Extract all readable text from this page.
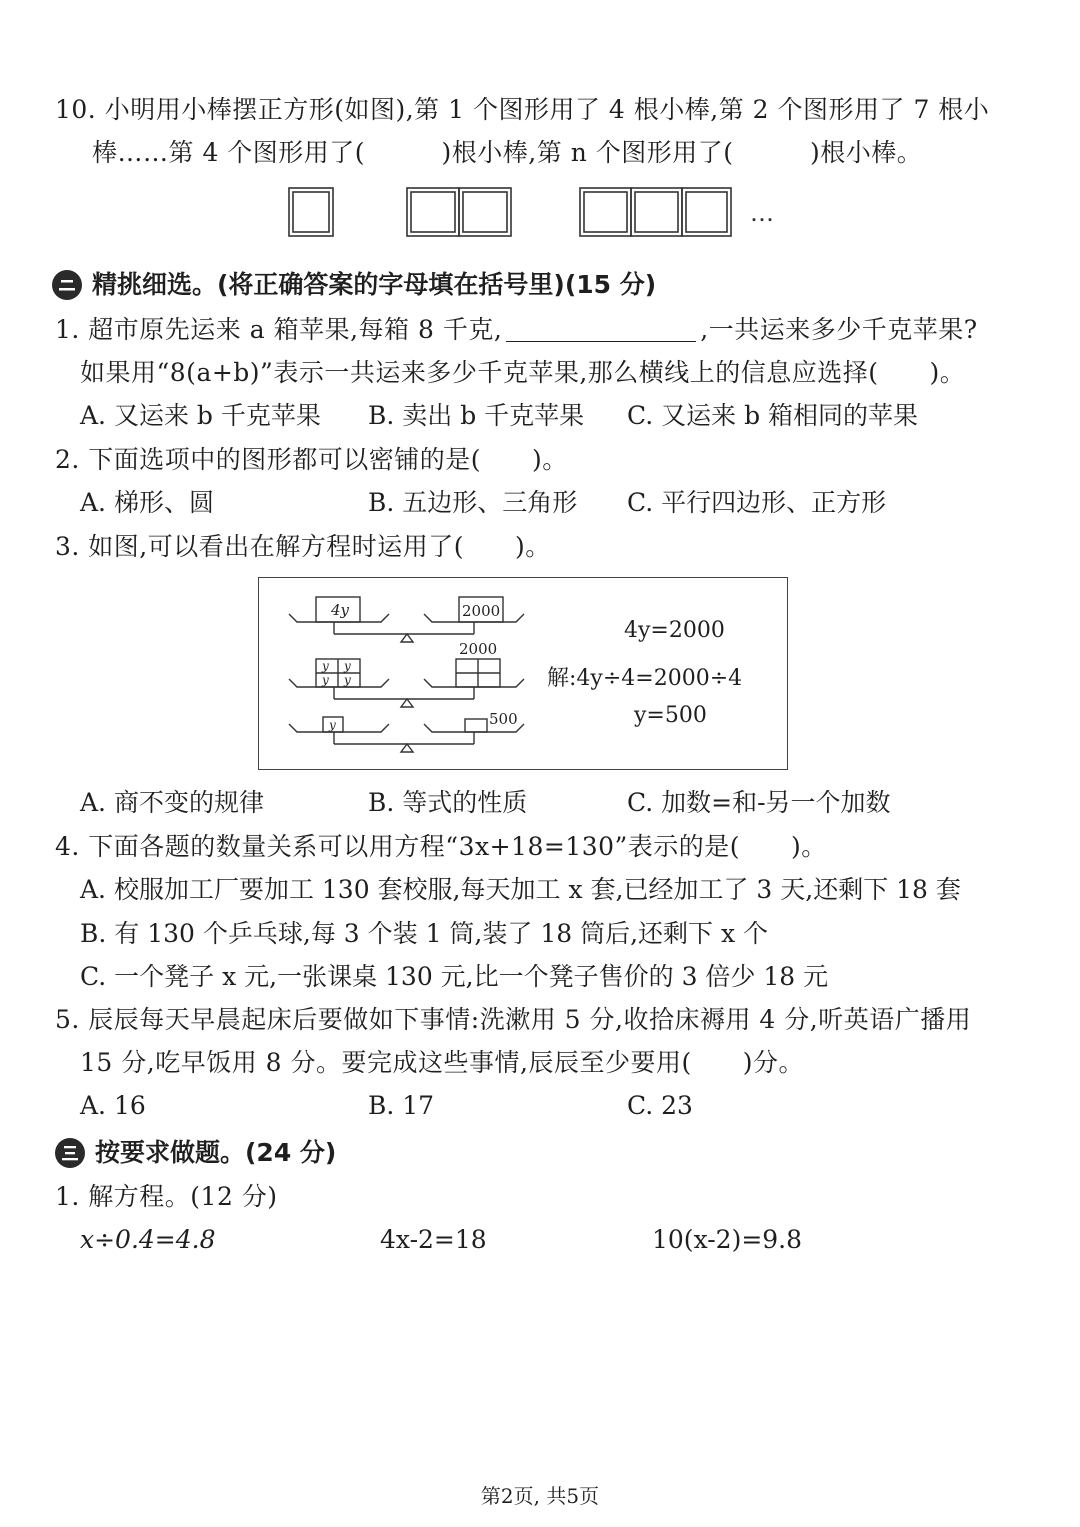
10. 小明用小棒摆正方形(如图),第 1 个图形用了 4 根小棒,第 2 个图形用了 7 根小
棒……第 4 个图形用了(　　　)根小棒,第 n 个图形用了(　　　)根小棒。
…
精挑细选。(将正确答案的字母填在括号里)(15 分)
1. 超市原先运来 a 箱苹果,每箱 8 千克,	,一共运来多少千克苹果?
如果用“8(a+b)”表示一共运来多少千克苹果,那么横线上的信息应选择(　　)。
A. 又运来 b 千克苹果 B. 卖出 b 千克苹果 C. 又运来 b 箱相同的苹果
2. 下面选项中的图形都可以密铺的是(　　)。
A. 梯形、圆	B. 五边形、三角形 C. 平行四边形、正方形
3. 如图,可以看出在解方程时运用了(　　)。
4y	2000
2000
y y
y y
y	500
4y=2000
解:4y÷4=2000÷4
y=500
A. 商不变的规律	B. 等式的性质	C. 加数=和-另一个加数
4. 下面各题的数量关系可以用方程“3x+18=130”表示的是(　　)。
A. 校服加工厂要加工 130 套校服,每天加工 x 套,已经加工了 3 天,还剩下 18 套
B. 有 130 个乒乓球,每 3 个装 1 筒,装了 18 筒后,还剩下 x 个
C. 一个凳子 x 元,一张课桌 130 元,比一个凳子售价的 3 倍少 18 元
5. 辰辰每天早晨起床后要做如下事情:洗漱用 5 分,收拾床褥用 4 分,听英语广播用
15 分,吃早饭用 8 分。要完成这些事情,辰辰至少要用(　　)分。
A. 16	B. 17	C. 23
按要求做题。(24 分)
1. 解方程。(12 分)
x÷0.4=4.8	4x-2=18	10(x-2)=9.8
第2页, 共5页
